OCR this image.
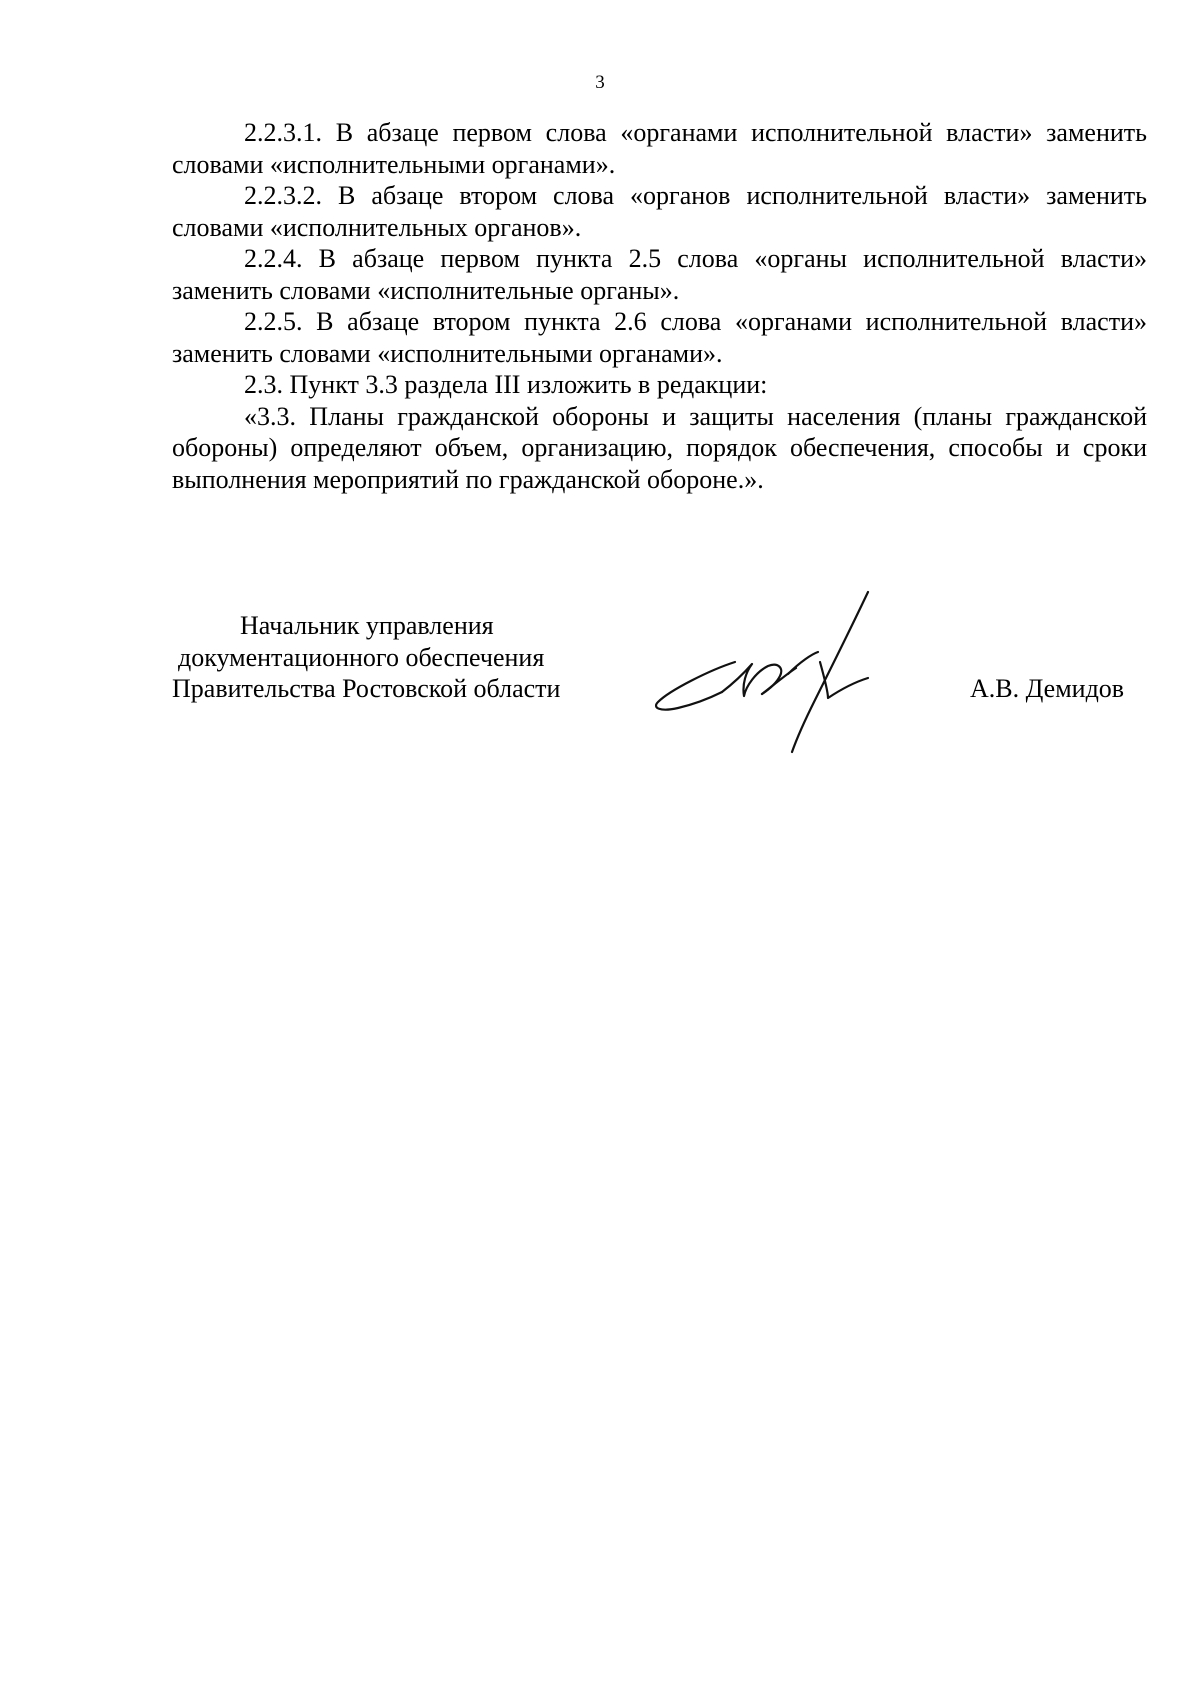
3

2.2.3.1. В абзаце первом слова «органами исполнительной власти» заменить словами «исполнительными органами».

2.2.3.2. В абзаце втором слова «органов исполнительной власти» заменить словами «исполнительных органов».

2.2.4. В абзаце первом пункта 2.5 слова «органы исполнительной власти» заменить словами «исполнительные органы».

2.2.5. В абзаце втором пункта 2.6 слова «органами исполнительной власти» заменить словами «исполнительными органами».

2.3. Пункт 3.3 раздела III изложить в редакции:

«3.3. Планы гражданской обороны и защиты населения (планы гражданской обороны) определяют объем, организацию, порядок обеспечения, способы и сроки выполнения мероприятий по гражданской обороне.».

Начальник управления
документационного обеспечения
Правительства Ростовской области	А.В. Демидов
